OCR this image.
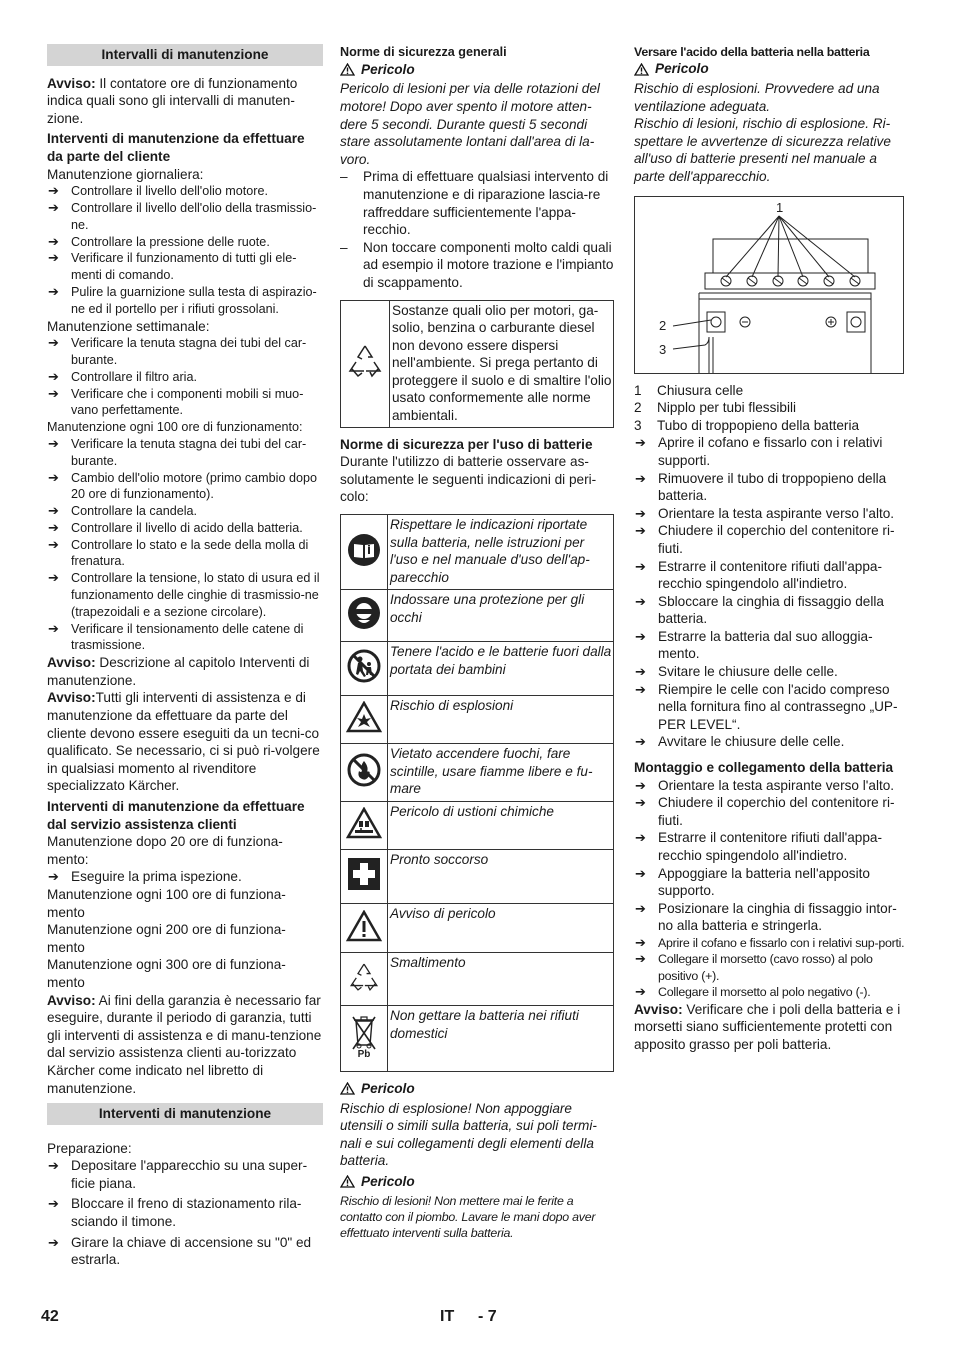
Intervalli di manutenzione

Avviso: Il contatore ore di funzionamento indica quali sono gli intervalli di manuten-zione.

Interventi di manutenzione da effettuare da parte del cliente

Manutenzione giornaliera:

➔ Controllare il livello dell'olio motore.
➔ Controllare il livello dell'olio della trasmissio-ne.
➔ Controllare la pressione delle ruote.
➔ Verificare il funzionamento di tutti gli ele-menti di comando.
➔ Pulire la guarnizione sulla testa di aspirazio-ne ed il portello per i rifiuti grossolani.

Manutenzione settimanale:

➔ Verificare la tenuta stagna dei tubi del car-burante.
➔ Controllare il filtro aria.
➔ Verificare che i componenti mobili si muo-vano perfettamente.

Manutenzione ogni 100 ore di funzionamento:

➔ Verificare la tenuta stagna dei tubi del car-burante.
➔ Cambio dell'olio motore (primo cambio dopo 20 ore di funzionamento).
➔ Controllare la candela.
➔ Controllare il livello di acido della batteria.
➔ Controllare lo stato e la sede della molla di frenatura.
➔ Controllare la tensione, lo stato di usura ed il funzionamento delle cinghie di trasmissio-ne (trapezoidali e a sezione circolare).
➔ Verificare il tensionamento delle catene di trasmissione.

Avviso: Descrizione al capitolo Interventi di manutenzione.

Avviso:Tutti gli interventi di assistenza e di manutenzione da effettuare da parte del cliente devono essere eseguiti da un tecni-co qualificato. Se necessario, ci si può ri-volgere in qualsiasi momento al rivenditore specializzato Kärcher.

Interventi di manutenzione da effettuare dal servizio assistenza clienti

Manutenzione dopo 20 ore di funziona-mento:

➔ Eseguire la prima ispezione.

Manutenzione ogni 100 ore di funziona-mento

Manutenzione ogni 200 ore di funziona-mento

Manutenzione ogni 300 ore di funziona-mento

Avviso: Ai fini della garanzia è necessario far eseguire, durante il periodo di garanzia, tutti gli interventi di assistenza e di manu-tenzione dal servizio assistenza clienti au-torizzato Kärcher come indicato nel libretto di manutenzione.

Interventi di manutenzione

Preparazione:

➔ Depositare l'apparecchio su una super-ficie piana.
➔ Bloccare il freno di stazionamento rila-sciando il timone.
➔ Girare la chiave di accensione su "0" ed estrarla.

Norme di sicurezza generali

Pericolo

Pericolo di lesioni per via delle rotazioni del motore! Dopo aver spento il motore atten-dere 5 secondi. Durante questi 5 secondi stare assolutamente lontani dall'area di la-voro.

–	Prima di effettuare qualsiasi intervento di manutenzione e di riparazione lascia-re raffreddare sufficientemente l'appa-recchio.
–	Non toccare componenti molto caldi quali ad esempio il motore trazione e l'impianto di scappamento.
	Sostanze quali olio per motori, ga-solio, benzina o carburante diesel non devono essere dispersi nell'ambiente. Si prega pertanto di proteggere il suolo e di smaltire l'olio usato conformemente alle norme ambientali.

Norme di sicurezza per l'uso di batterie

Durante l'utilizzo di batterie osservare as-solutamente le seguenti indicazioni di peri-colo:

	Rispettare le indicazioni riportate sulla batteria, nelle istruzioni per l'uso e nel manuale d'uso dell'ap-parecchio
	Indossare una protezione per gli occhi
	Tenere l'acido e le batterie fuori dalla portata dei bambini
	Rischio di esplosioni
	Vietato accendere fuochi, fare scintille, usare fiamme libere e fu-mare
	Pericolo di ustioni chimiche
	Pronto soccorso
	Avviso di pericolo
	Smaltimento

Pb	Non gettare la batteria nei rifiuti domestici
Pericolo

Rischio di esplosione! Non appoggiare utensili o simili sulla batteria, sui poli termi-nali e sui collegamenti degli elementi della batteria.

Pericolo

Rischio di lesioni! Non mettere mai le ferite a contatto con il piombo. Lavare le mani dopo aver effettuato interventi sulla batteria.

Versare l'acido della batteria nella batteria

Pericolo

Rischio di esplosioni. Provvedere ad una ventilazione adeguata.
Rischio di lesioni, rischio di esplosione. Ri-spettare le avvertenze di sicurezza relative all'uso di batterie presenti nel manuale a parte dell'apparecchio.

1
2
3
1	Chiusura celle
2	Nipplo per tubi flessibili
3	Tubo di troppopieno della batteria
➔ Aprire il cofano e fissarlo con i relativi supporti.
➔ Rimuovere il tubo di troppopieno della batteria.
➔ Orientare la testa aspirante verso l'alto.
➔ Chiudere il coperchio del contenitore ri-fiuti.
➔ Estrarre il contenitore rifiuti dall'appa-recchio spingendolo all'indietro.
➔ Sbloccare la cinghia di fissaggio della batteria.
➔ Estrarre la batteria dal suo alloggia-mento.
➔ Svitare le chiusure delle celle.
➔ Riempire le celle con l'acido compreso nella fornitura fino al contrassegno „UP-PER LEVEL“.
➔ Avvitare le chiusure delle celle.

Montaggio e collegamento della batteria

➔ Orientare la testa aspirante verso l'alto.
➔ Chiudere il coperchio del contenitore ri-fiuti.
➔ Estrarre il contenitore rifiuti dall'appa-recchio spingendolo all'indietro.
➔ Appoggiare la batteria nell'apposito supporto.
➔ Posizionare la cinghia di fissaggio intor-no alla batteria e stringerla.
➔ Aprire il cofano e fissarlo con i relativi sup-porti.
➔ Collegare il morsetto (cavo rosso) al polo positivo (+).
➔ Collegare il morsetto al polo negativo (-).

Avviso: Verificare che i poli della batteria e i morsetti siano sufficientemente protetti con apposito grasso per poli batteria.

42	IT - 7
